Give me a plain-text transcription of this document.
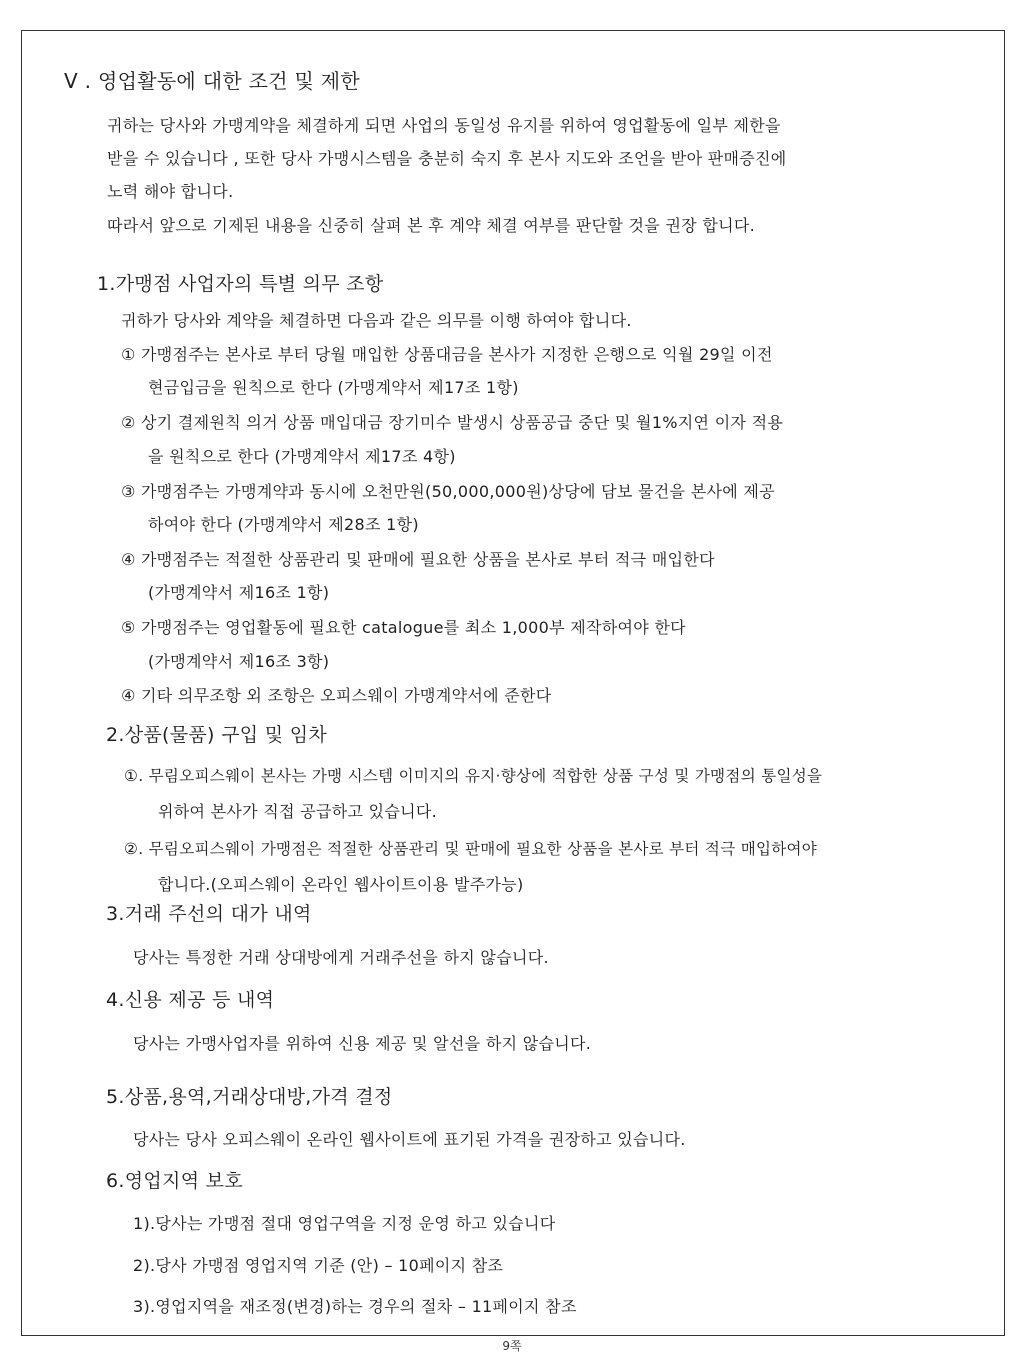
Ⅴ . 영업활동에 대한 조건 및 제한
귀하는 당사와 가맹계약을 체결하게 되면 사업의 동일성 유지를 위하여 영업활동에 일부 제한을
받을 수 있습니다 , 또한 당사 가맹시스템을 충분히 숙지 후 본사 지도와 조언을 받아 판매증진에
노력 해야 합니다.
따라서 앞으로 기제된 내용을 신중히 살펴 본 후 계약 체결 여부를 판단할 것을 권장 합니다.
1.가맹점 사업자의 특별 의무 조항
귀하가 당사와 계약을 체결하면 다음과 같은 의무를 이행 하여야 합니다.
① 가맹점주는 본사로 부터 당월 매입한 상품대금을 본사가 지정한 은행으로 익월 29일 이전
현금입금을 원칙으로 한다 (가맹계약서 제17조 1항)
② 상기 결제원칙 의거 상품 매입대금 장기미수 발생시 상품공급 중단 및 월1%지연 이자 적용
을 원칙으로 한다 (가맹계약서 제17조 4항)
③ 가맹점주는 가맹계약과 동시에 오천만원(50,000,000원)상당에 담보 물건을 본사에 제공
하여야 한다 (가맹계약서 제28조 1항)
④ 가맹점주는 적절한 상품관리 및 판매에 필요한 상품을 본사로 부터 적극 매입한다
(가맹계약서 제16조 1항)
⑤ 가맹점주는 영업활동에 필요한 catalogue를 최소 1,000부 제작하여야 한다
(가맹계약서 제16조 3항)
④ 기타 의무조항 외 조항은 오피스웨이 가맹계약서에 준한다
2.상품(물품) 구입 및 임차
①. 무림오피스웨이 본사는 가맹 시스템 이미지의 유지·향상에 적합한 상품 구성 및 가맹점의 통일성을
위하여 본사가 직접 공급하고 있습니다.
②. 무림오피스웨이 가맹점은 적절한 상품관리 및 판매에 필요한 상품을 본사로 부터 적극 매입하여야
합니다.(오피스웨이 온라인 웹사이트이용 발주가능)
3.거래 주선의 대가 내역
당사는 특정한 거래 상대방에게 거래주선을 하지 않습니다.
4.신용 제공 등 내역
당사는 가맹사업자를 위하여 신용 제공 및 알선을 하지 않습니다.
5.상품,용역,거래상대방,가격 결정
당사는 당사 오피스웨이 온라인 웹사이트에 표기된 가격을 권장하고 있습니다.
6.영업지역 보호
1).당사는 가맹점 절대 영업구역을 지정 운영 하고 있습니다
2).당사 가맹점 영업지역 기준 (안) – 10페이지 참조
3).영업지역을 재조정(변경)하는 경우의 절차 – 11페이지 참조
9쪽
